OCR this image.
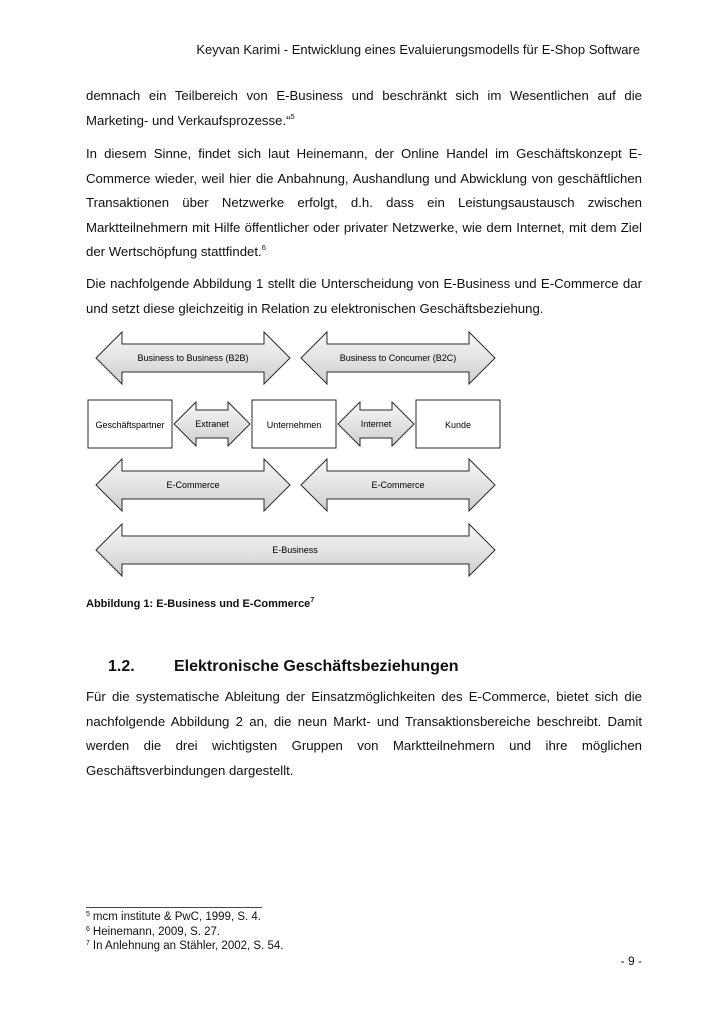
Keyvan Karimi - Entwicklung eines Evaluierungsmodells für E-Shop Software

demnach ein Teilbereich von E-Business und beschränkt sich im Wesentlichen auf die Marketing- und Verkaufsprozesse.“$^5$

In diesem Sinne, findet sich laut Heinemann, der Online Handel im Geschäftskonzept E-Commerce wieder, weil hier die Anbahnung, Aushandlung und Abwicklung von geschäftlichen Transaktionen über Netzwerke erfolgt, d.h. dass ein Leistungsaustausch zwischen Marktteilnehmern mit Hilfe öffentlicher oder privater Netzwerke, wie dem Internet, mit dem Ziel der Wertschöpfung stattfindet.$^6$

Die nachfolgende Abbildung 1 stellt die Unterscheidung von E-Business und E-Commerce dar und setzt diese gleichzeitig in Relation zu elektronischen Geschäftsbeziehung.

Business to Business (B2B)	Business to Concumer (B2C)
Geschäftspartner	Extranet	Unternehmen	Internet	Kunde
E-Commerce	E-Commerce
E-Business
Abbildung 1: E-Business und E-Commerce$^7$
1.2. Elektronische Geschäftsbeziehungen

Für die systematische Ableitung der Einsatzmöglichkeiten des E-Commerce, bietet sich die nachfolgende Abbildung 2 an, die neun Markt- und Transaktionsbereiche beschreibt. Damit werden die drei wichtigsten Gruppen von Marktteilnehmern und ihre möglichen Geschäftsverbindungen dargestellt.

$^5$ mcm institute & PwC, 1999, S. 4.
$^6$ Heinemann, 2009, S. 27.
$^7$ In Anlehnung an Stähler, 2002, S. 54.
- 9 -
